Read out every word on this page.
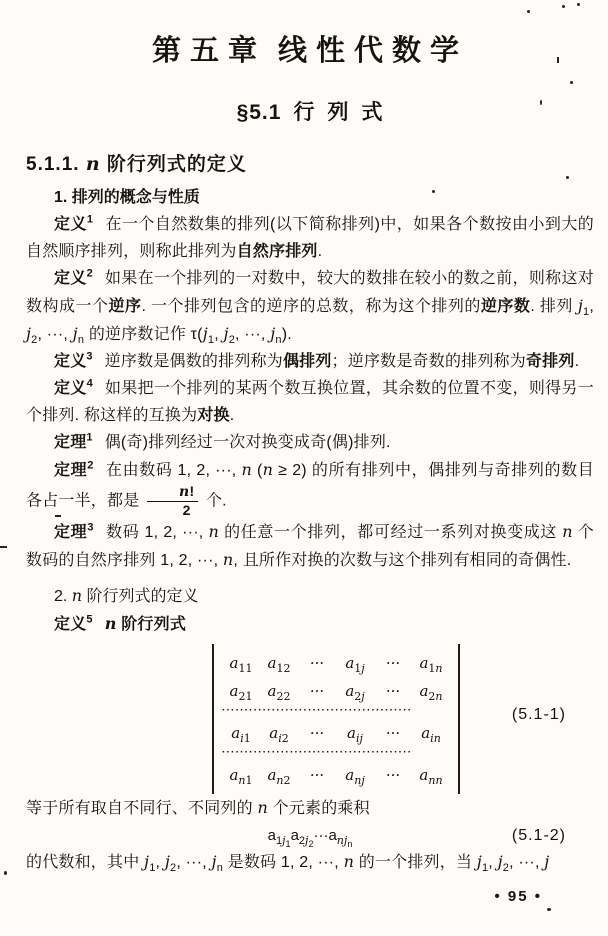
第五章 线性代数学
§5.1 行 列 式
5.1.1. n 阶行列式的定义
1. 排列的概念与性质

定义$^1$ 在一个自然数集的排列(以下简称排列)中，如果各个数按由小到大的自然顺序排列，则称此排列为自然序排列.

定义$^2$ 如果在一个排列的一对数中，较大的数排在较小的数之前，则称这对数构成一个逆序. 一个排列包含的逆序的总数，称为这个排列的逆序数. 排列 $j_1$, $j_2$, ···, $j_n$ 的逆序数记作 $\tau(j_1$, $j_2$, ···, $j_n$).

定义$^3$ 逆序数是偶数的排列称为偶排列；逆序数是奇数的排列称为奇排列.

定义$^4$ 如果把一个排列的某两个数互换位置，其余数的位置不变，则得另一个排列. 称这样的互换为对换.

定理$^1$ 偶(奇)排列经过一次对换变成奇(偶)排列.

定理$^2$ 在由数码 1, 2, ···, n (n ≥ 2) 的所有排列中，偶排列与奇排列的数目各占一半，都是 $\frac{n!}{2}$ 个.

定理$^3$ 数码 1, 2, ···, n 的任意一个排列，都可经过一系列对换变成这 n 个数码的自然序排列 1, 2, ···, n, 且所作对换的次数与这个排列有相同的奇偶性.

2. n 阶行列式的定义

定义$^5$ n 阶行列式

$a_{11}$	$a_{12}$	···	$a_{1j}$	···	$a_{1n}$
$a_{21}$	$a_{22}$	···	$a_{2j}$	···	$a_{2n}$
··········································
$a_{i1}$	$a_{i2}$	···	$a_{ij}$	···	$a_{in}$
··········································
$a_{n1}$ $a_{n2}$	···	$a_{nj}$	···	$a_{nn}$
(5.1-1)

等于所有取自不同行、不同列的 n 个元素的乘积

$a_{1j_1}a_{2j_2}\cdot\cdot\cdot a_{nj_n}$
(5.1-2)

的代数和，其中 $j_1$, $j_2$, ···, $j_n$ 是数码 1, 2, ···, n 的一个排列，当 $j_1$, $j_2$, ···, j

• 95 •
